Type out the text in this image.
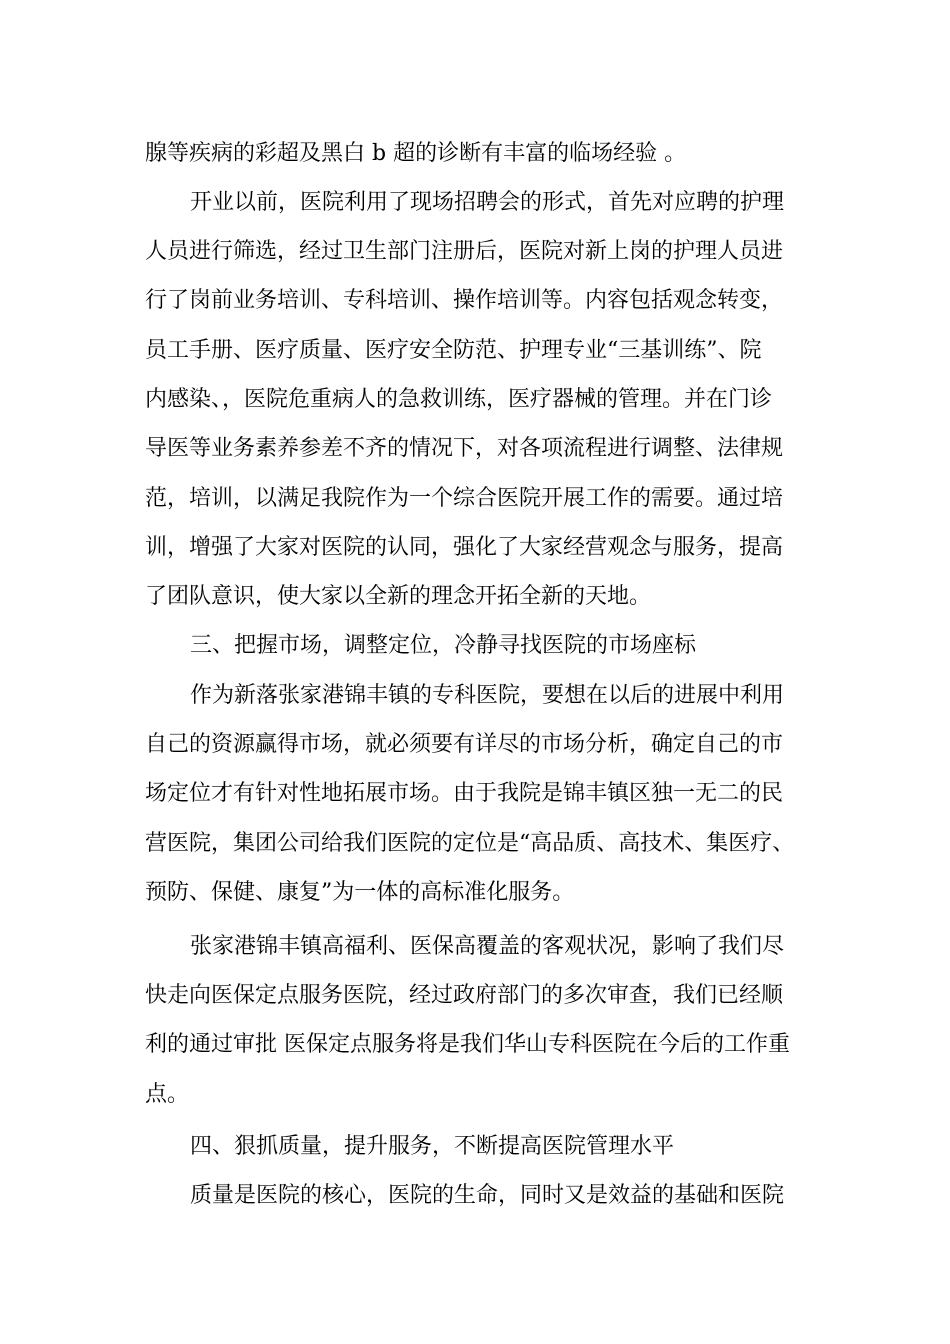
腺等疾病的彩超及黑白 b 超的诊断有丰富的临场经验 。
开业以前，医院利用了现场招聘会的形式，首先对应聘的护理
人员进行筛选，经过卫生部门注册后，医院对新上岗的护理人员进
行了岗前业务培训、专科培训、操作培训等。内容包括观念转变，
员工手册、医疗质量、医疗安全防范、护理专业“三基训练”、院
内感染、，医院危重病人的急救训练，医疗器械的管理。并在门诊
导医等业务素养参差不齐的情况下，对各项流程进行调整、法律规
范，培训，以满足我院作为一个综合医院开展工作的需要。通过培
训，增强了大家对医院的认同，强化了大家经营观念与服务，提高
了团队意识，使大家以全新的理念开拓全新的天地。
三、把握市场，调整定位，冷静寻找医院的市场座标
作为新落张家港锦丰镇的专科医院，要想在以后的进展中利用
自己的资源赢得市场，就必须要有详尽的市场分析，确定自己的市
场定位才有针对性地拓展市场。由于我院是锦丰镇区独一无二的民
营医院，集团公司给我们医院的定位是“高品质、高技术、集医疗、
预防、保健、康复”为一体的高标准化服务。
张家港锦丰镇高福利、医保高覆盖的客观状况，影响了我们尽
快走向医保定点服务医院，经过政府部门的多次审查，我们已经顺
利的通过审批 医保定点服务将是我们华山专科医院在今后的工作重
点。
四、狠抓质量，提升服务，不断提高医院管理水平
质量是医院的核心，医院的生命，同时又是效益的基础和医院
